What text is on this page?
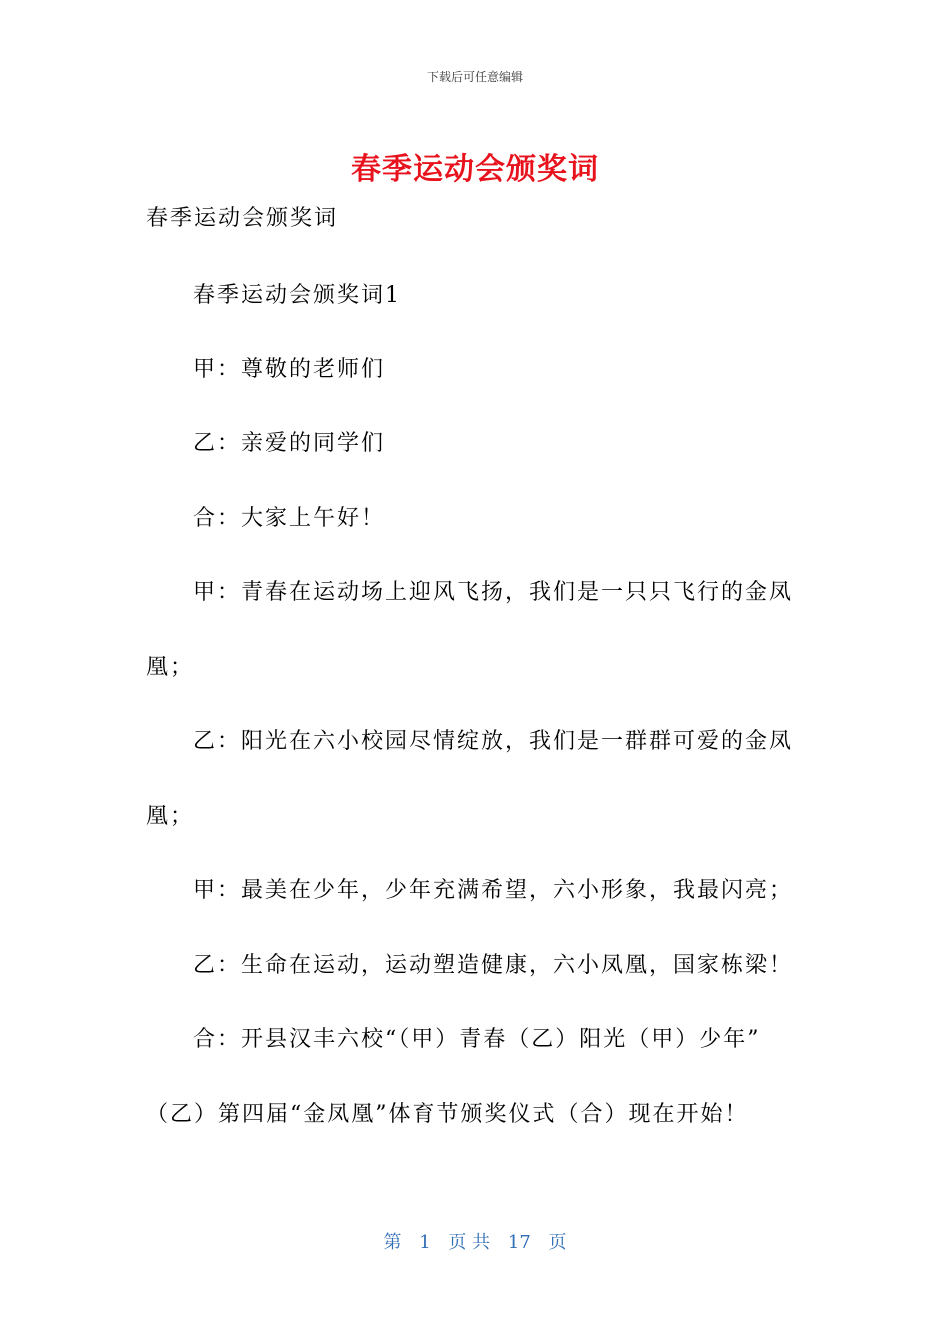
下载后可任意编辑
春季运动会颁奖词
春季运动会颁奖词
春季运动会颁奖词1
甲：尊敬的老师们
乙：亲爱的同学们
合：大家上午好！
甲：青春在运动场上迎风飞扬，我们是一只只飞行的金凤
凰；
乙：阳光在六小校园尽情绽放，我们是一群群可爱的金凤
凰；
甲：最美在少年，少年充满希望，六小形象，我最闪亮；
乙：生命在运动，运动塑造健康，六小凤凰，国家栋梁！
合：开县汉丰六校“（甲）青春（乙）阳光（甲）少年”
（乙）第四届“金凤凰”体育节颁奖仪式（合）现在开始！
第 1 页 共 17 页
